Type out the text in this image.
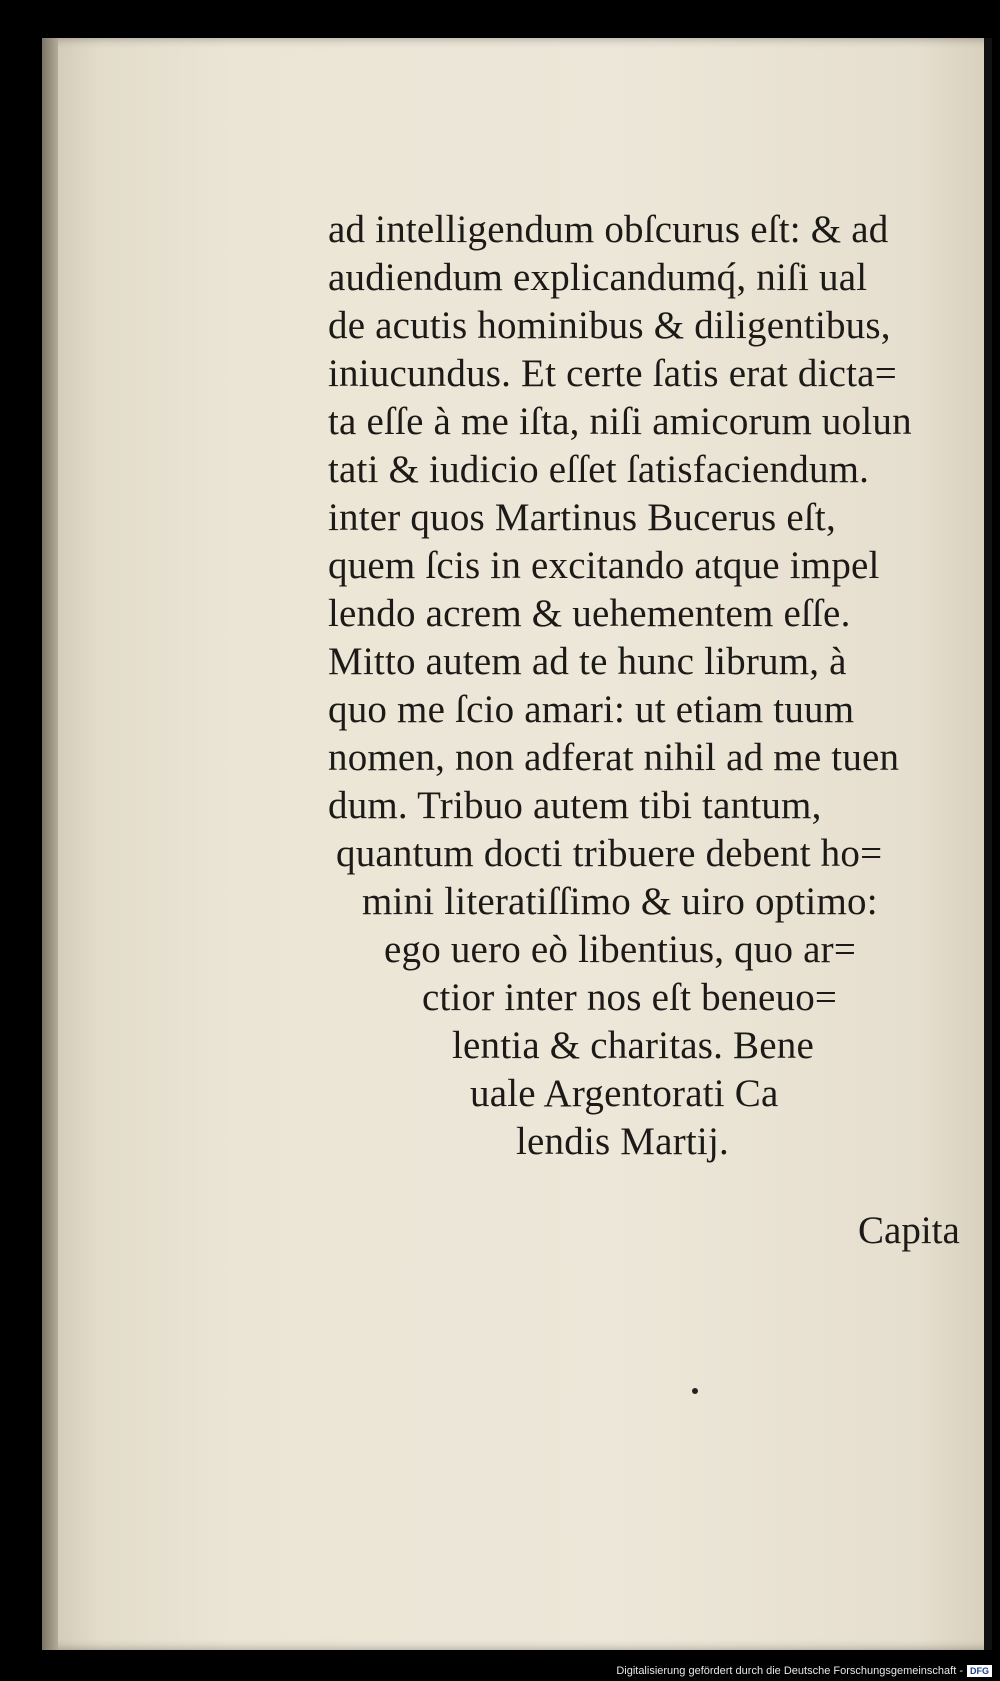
ad intelligendum obſcurus eſt: & ad
audiendum explicandumq́, niſi ual
de acutis hominibus & diligentibus,
iniucundus. Et certe ſatis erat dicta=
ta eſſe à me iſta, niſi amicorum uolun
tati & iudicio eſſet ſatisfaciendum.
inter quos Martinus Bucerus eſt,
quem ſcis in excitando atque impel
lendo acrem & uehementem eſſe.
Mitto autem ad te hunc librum, à
quo me ſcio amari: ut etiam tuum
nomen, non adferat nihil ad me tuen
dum. Tribuo autem tibi tantum,
quantum docti tribuere debent ho=
mini literatiſſimo & uiro optimo:
ego uero eò libentius, quo ar=
ctior inter nos eſt beneuo=
lentia & charitas. Bene
uale Argentorati Ca
lendis Martij.
Capita
Digitalisierung gefördert durch die Deutsche Forschungsgemeinschaft - DFG
